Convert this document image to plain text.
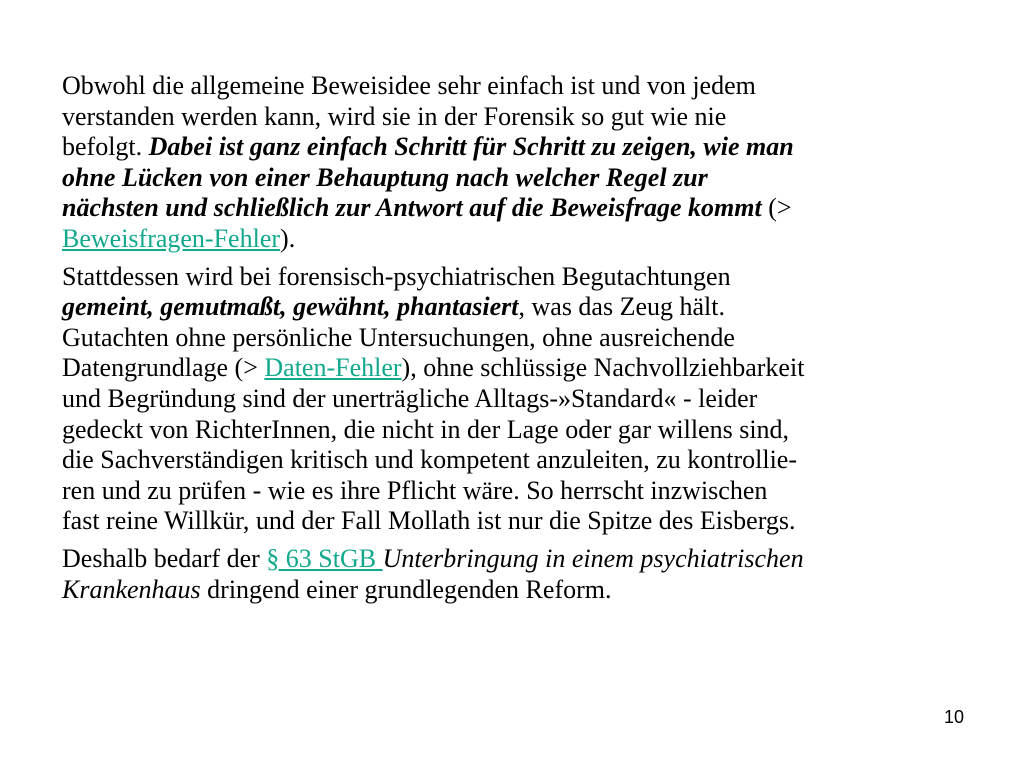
Obwohl die allgemeine Beweisidee sehr einfach ist und von jedem
verstanden werden kann, wird sie in der Forensik so gut wie nie
befolgt. Dabei ist ganz einfach Schritt für Schritt zu zeigen, wie man
ohne Lücken von einer Behauptung nach welcher Regel zur
nächsten und schließlich zur Antwort auf die Beweisfrage kommt (>
Beweisfragen-Fehler).

Stattdessen wird bei forensisch-psychiatrischen Begutachtungen
gemeint, gemutmaßt, gewähnt, phantasiert, was das Zeug hält.
Gutachten ohne persönliche Untersuchungen, ohne ausreichende
Datengrundlage (> Daten-Fehler), ohne schlüssige Nachvollziehbarkeit
und Begründung sind der unerträgliche Alltags-»Standard« - leider
gedeckt von RichterInnen, die nicht in der Lage oder gar willens sind,
die Sachverständigen kritisch und kompetent anzuleiten, zu kontrollie-
ren und zu prüfen - wie es ihre Pflicht wäre. So herrscht inzwischen
fast reine Willkür, und der Fall Mollath ist nur die Spitze des Eisbergs.

Deshalb bedarf der § 63 StGB Unterbringung in einem psychiatrischen
Krankenhaus dringend einer grundlegenden Reform.

10
